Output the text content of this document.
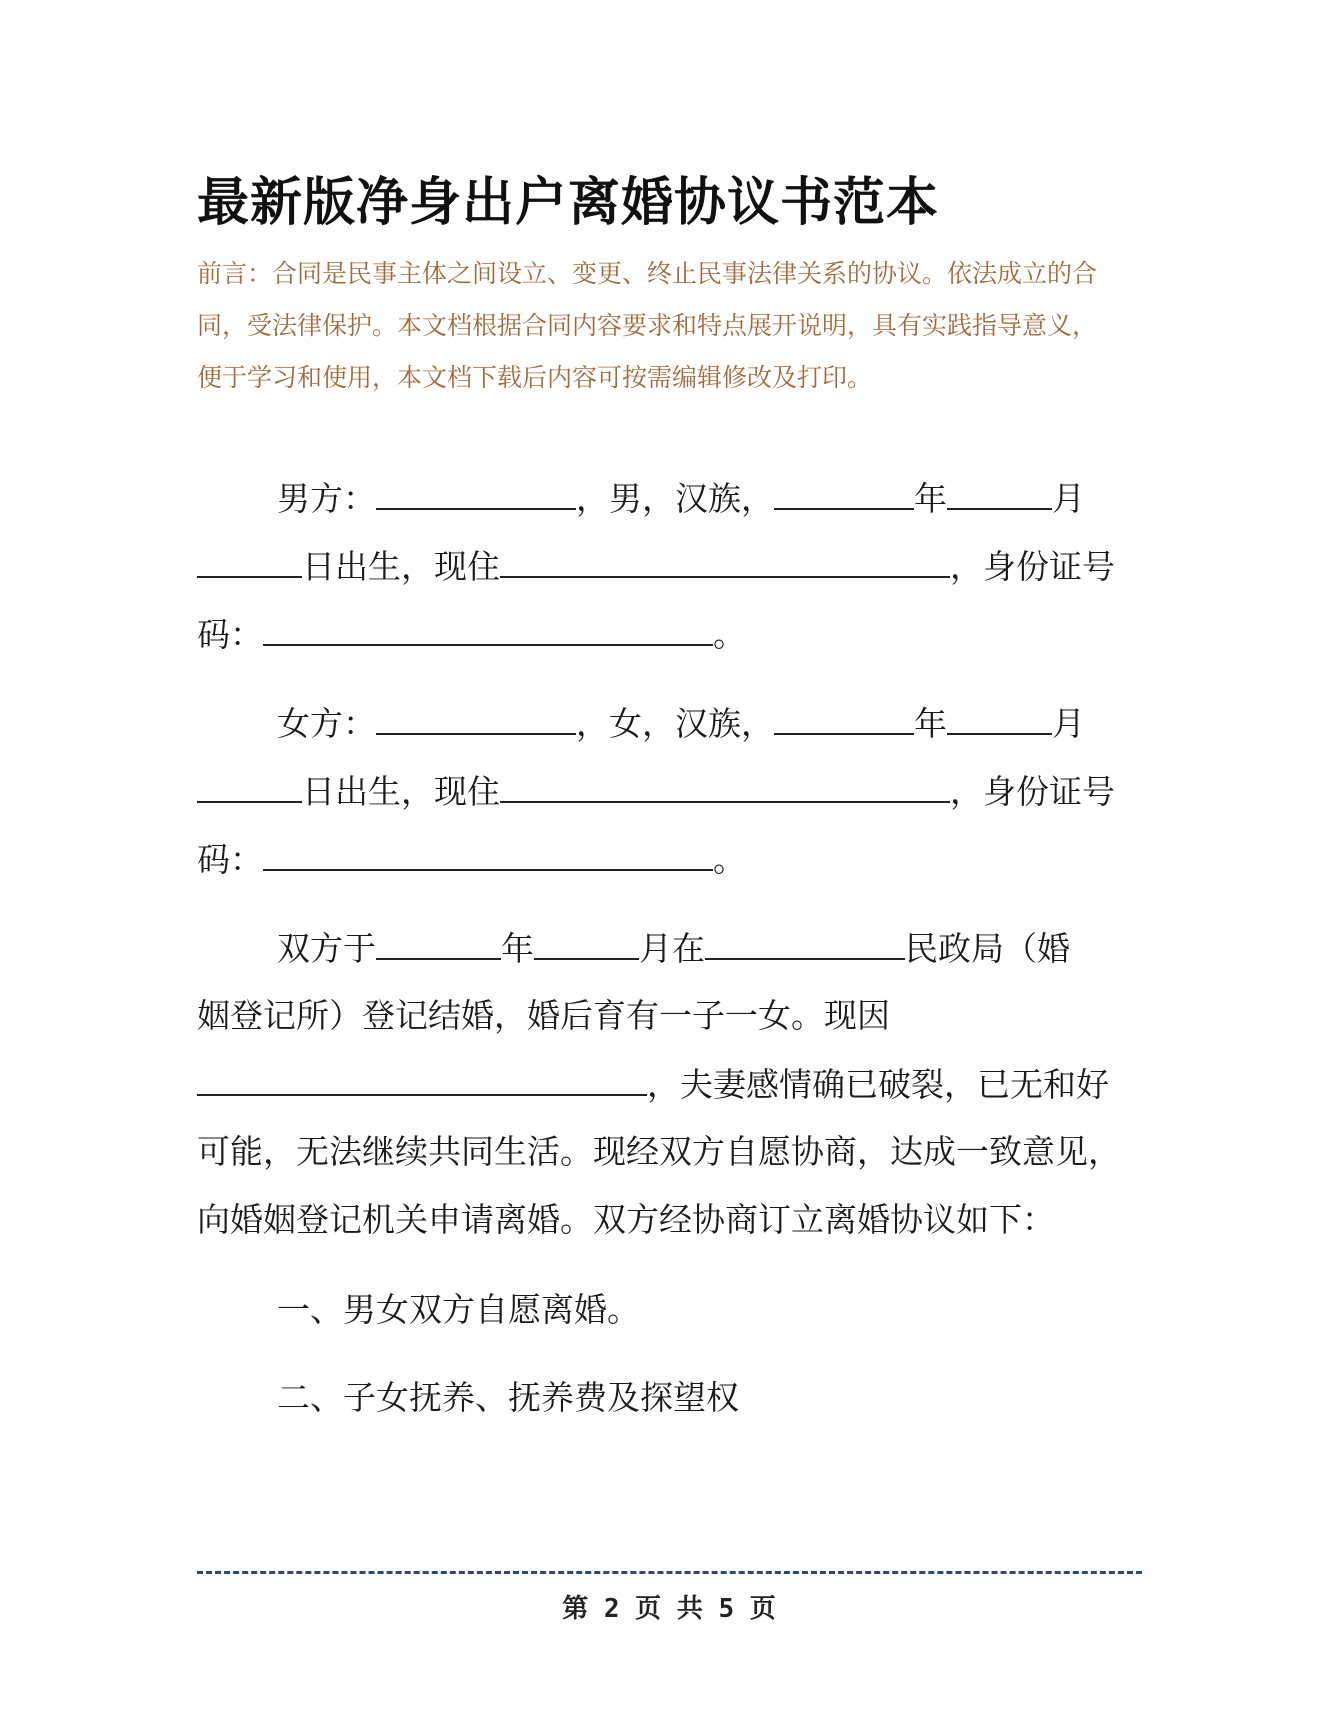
最新版净身出户离婚协议书范本
前言：合同是民事主体之间设立、变更、终止民事法律关系的协议。依法成立的合
同，受法律保护。本文档根据合同内容要求和特点展开说明，具有实践指导意义，
便于学习和使用，本文档下载后内容可按需编辑修改及打印。
男方：	，男，汉族，	年	月
日出生，现住	，身份证号
码：	。
女方：	，女，汉族，	年	月
日出生，现住	，身份证号
码：	。
双方于	年	月在	民政局（婚
姻登记所）登记结婚，婚后育有一子一女。现因
，夫妻感情确已破裂，已无和好
可能，无法继续共同生活。现经双方自愿协商，达成一致意见，
向婚姻登记机关申请离婚。双方经协商订立离婚协议如下：
一、男女双方自愿离婚。
二、子女抚养、抚养费及探望权
第 2 页 共 5 页
